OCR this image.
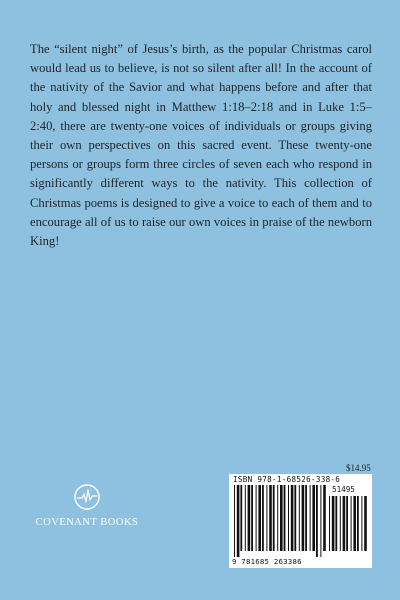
The “silent night” of Jesus’s birth, as the popular Christmas carol would lead us to believe, is not so silent after all! In the account of the nativity of the Savior and what happens before and after that holy and blessed night in Matthew 1:18–2:18 and in Luke 1:5–2:40, there are twenty-one voices of individuals or groups giving their own perspectives on this sacred event. These twenty-one persons or groups form three circles of seven each who respond in significantly different ways to the nativity. This collection of Christmas poems is designed to give a voice to each of them and to encourage all of us to raise our own voices in praise of the newborn King!

$14.95
ISBN 978-1-68526-338-6
51495
9 781685 263386
COVENANT BOOKS
